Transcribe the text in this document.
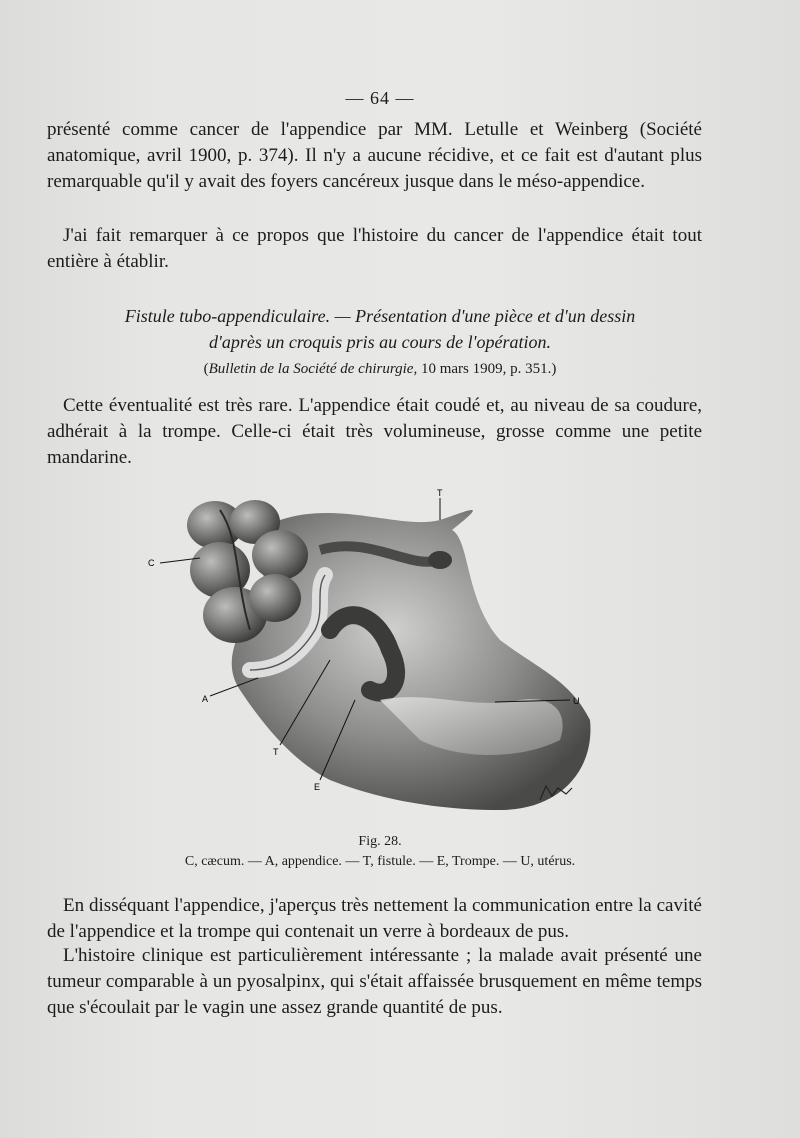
— 64 —

présenté comme cancer de l'appendice par MM. Letulle et Weinberg (Société anatomique, avril 1900, p. 374). Il n'y a aucune récidive, et ce fait est d'autant plus remarquable qu'il y avait des foyers cancéreux jusque dans le méso-appendice.

J'ai fait remarquer à ce propos que l'histoire du cancer de l'appendice était tout entière à établir.

Fistule tubo-appendiculaire. — Présentation d'une pièce et d'un dessin
d'après un croquis pris au cours de l'opération.
(Bulletin de la Société de chirurgie, 10 mars 1909, p. 351.)

Cette éventualité est très rare. L'appendice était coudé et, au niveau de sa coudure, adhérait à la trompe. Celle-ci était très volumineuse, grosse comme une petite mandarine.

C
A
T
E
U
T
Fig. 28.
C, cæcum. — A, appendice. — T, fistule. — E, Trompe. — U, utérus.

En disséquant l'appendice, j'aperçus très nettement la communication entre la cavité de l'appendice et la trompe qui contenait un verre à bordeaux de pus.

L'histoire clinique est particulièrement intéressante ; la malade avait présenté une tumeur comparable à un pyosalpinx, qui s'était affaissée brusquement en même temps que s'écoulait par le vagin une assez grande quantité de pus.
